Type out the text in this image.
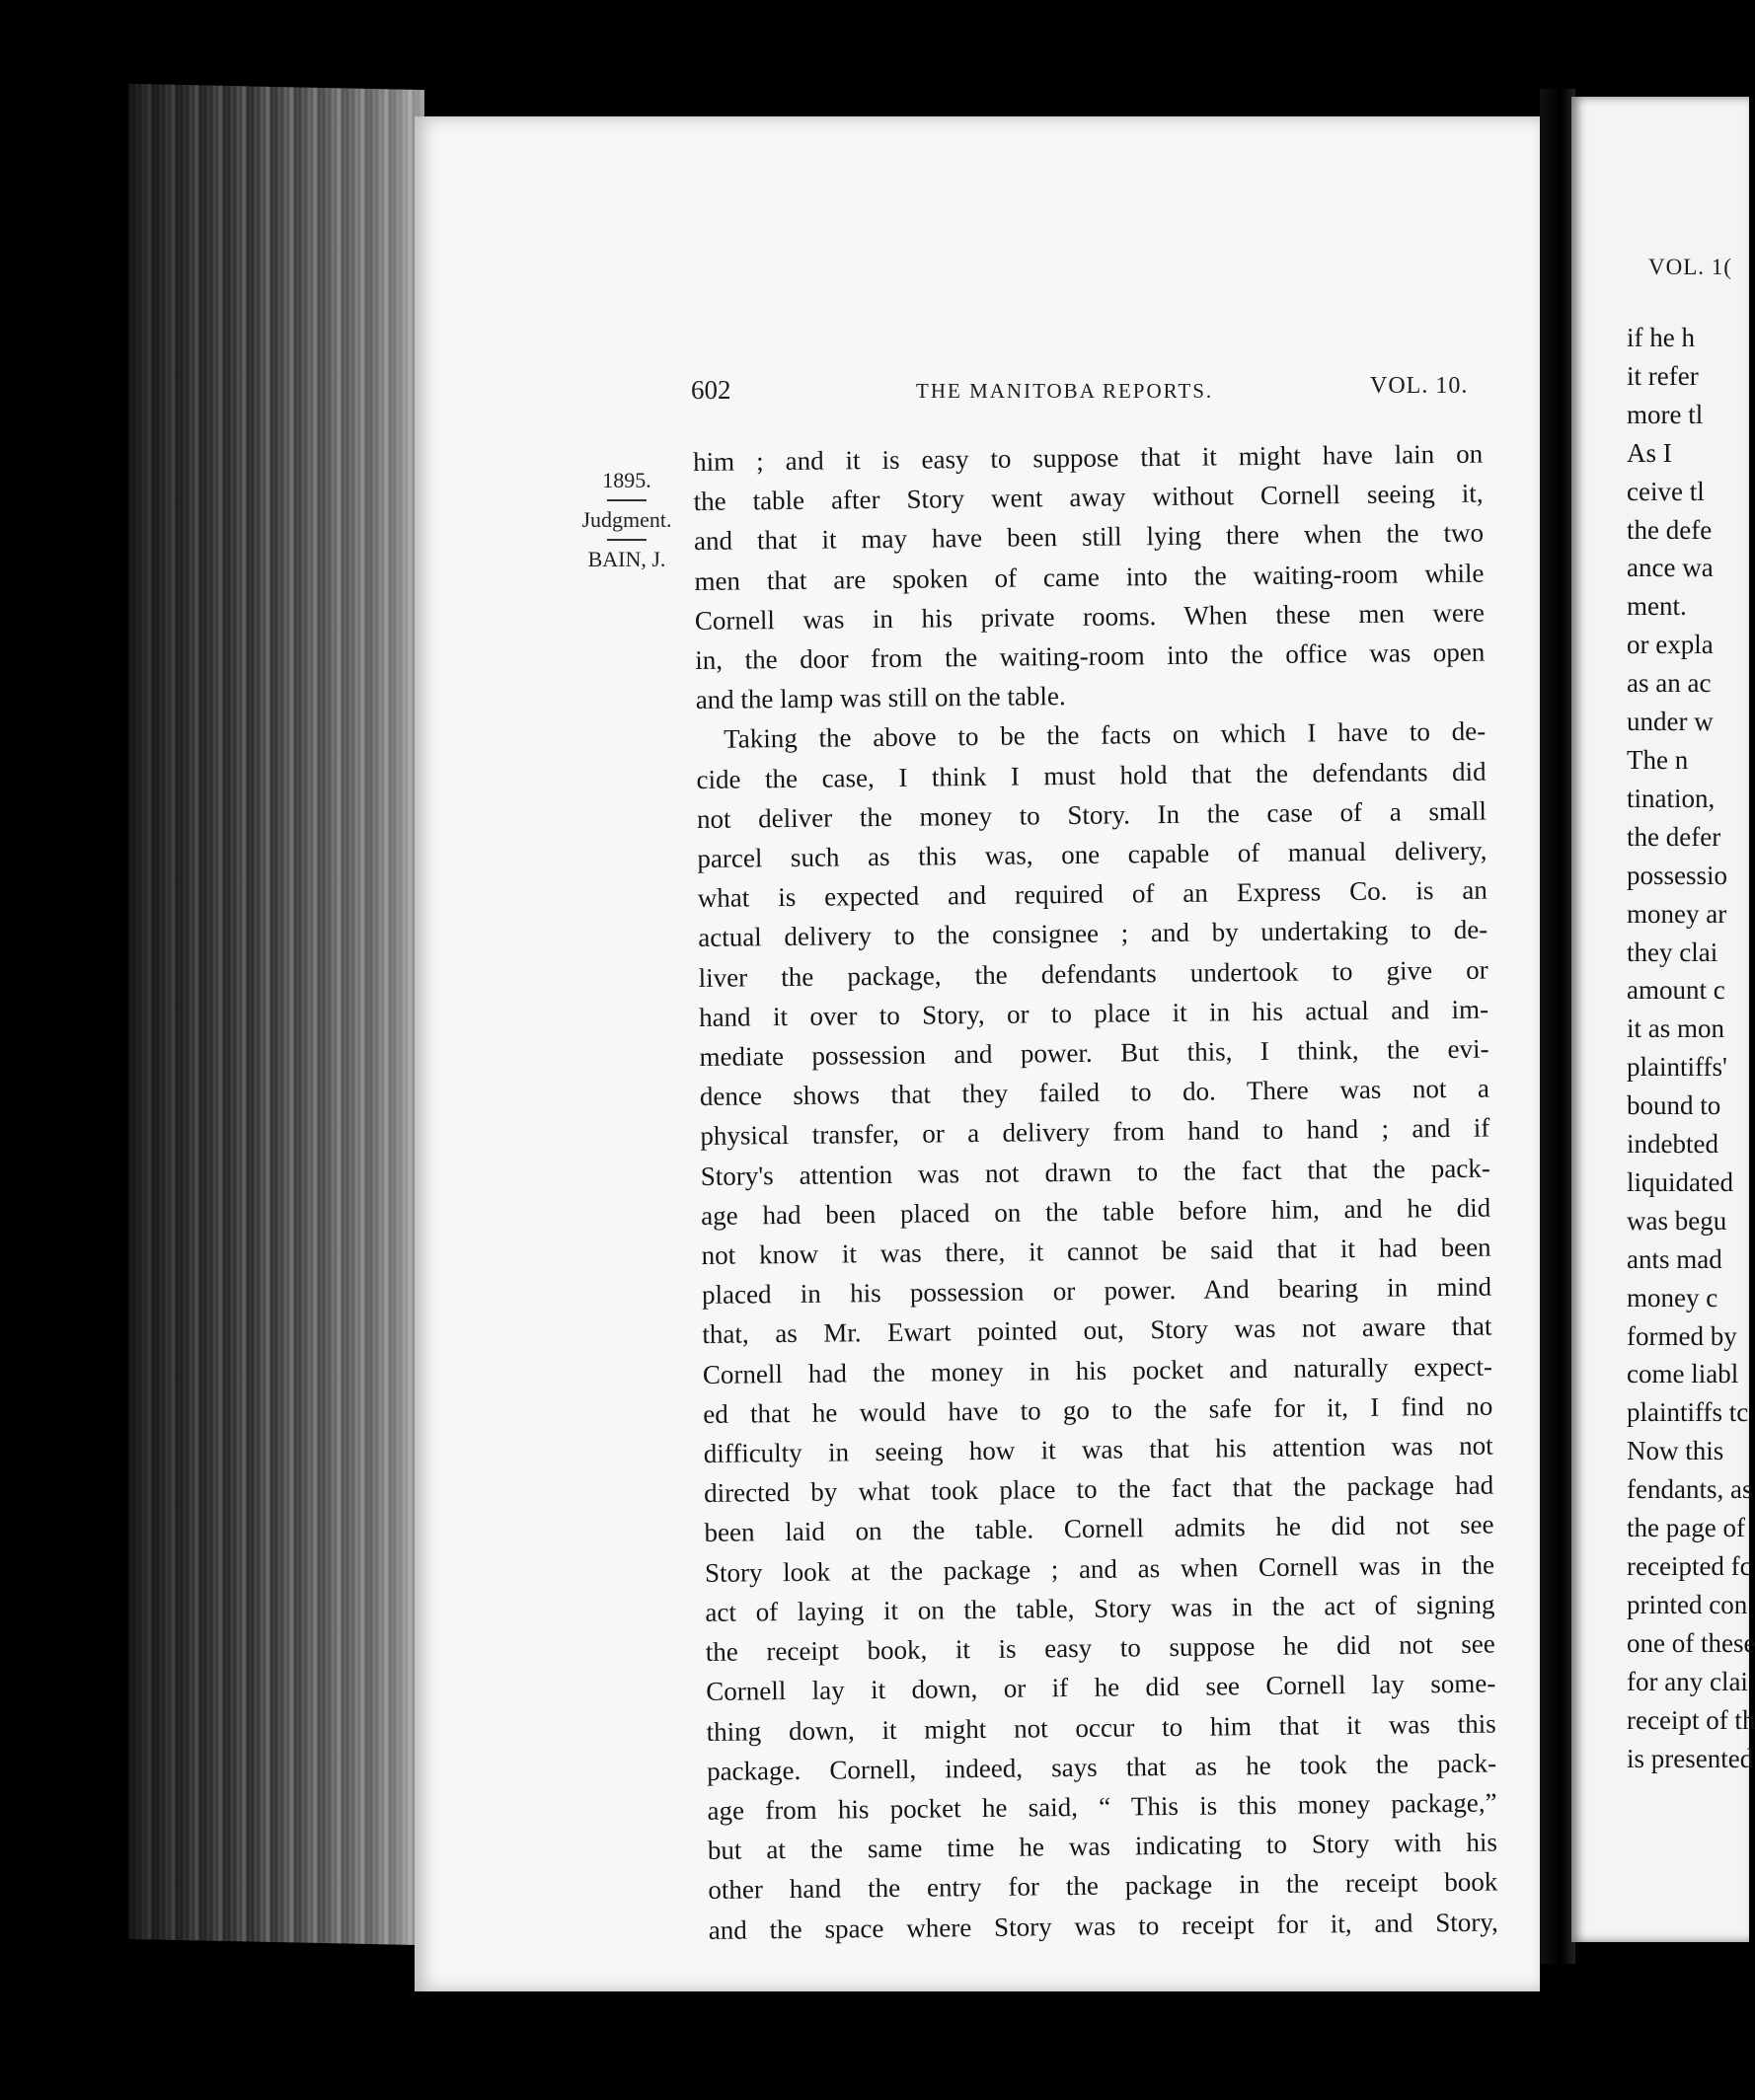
602	THE MANITOBA REPORTS.	VOL. 10.
1895.
Judgment.
BAIN, J.
him ; and it is easy to suppose that it might have lain on
the table after Story went away without Cornell seeing it,
and that it may have been still lying there when the two
men that are spoken of came into the waiting-room while
Cornell was in his private rooms. When these men were
in, the door from the waiting-room into the office was open
and the lamp was still on the table.
Taking the above to be the facts on which I have to de-
cide the case, I think I must hold that the defendants did
not deliver the money to Story. In the case of a small
parcel such as this was, one capable of manual delivery,
what is expected and required of an Express Co. is an
actual delivery to the consignee ; and by undertaking to de-
liver the package, the defendants undertook to give or
hand it over to Story, or to place it in his actual and im-
mediate possession and power. But this, I think, the evi-
dence shows that they failed to do. There was not a
physical transfer, or a delivery from hand to hand ; and if
Story's attention was not drawn to the fact that the pack-
age had been placed on the table before him, and he did
not know it was there, it cannot be said that it had been
placed in his possession or power. And bearing in mind
that, as Mr. Ewart pointed out, Story was not aware that
Cornell had the money in his pocket and naturally expect-
ed that he would have to go to the safe for it, I find no
difficulty in seeing how it was that his attention was not
directed by what took place to the fact that the package had
been laid on the table. Cornell admits he did not see
Story look at the package ; and as when Cornell was in the
act of laying it on the table, Story was in the act of signing
the receipt book, it is easy to suppose he did not see
Cornell lay it down, or if he did see Cornell lay some-
thing down, it might not occur to him that it was this
package. Cornell, indeed, says that as he took the pack-
age from his pocket he said, “ This is this money package,”
but at the same time he was indicating to Story with his
other hand the entry for the package in the receipt book
and the space where Story was to receipt for it, and Story,
VOL. 1(
if he h
it refer
more tl
As I
ceive tl
the defe
ance wa
ment.
or expla
as an ac
under w
The n
tination,
the defer
possessio
money ar
they clai
amount c
it as mon
plaintiffs'
bound to
indebted
liquidated
was begu
ants mad
money c
formed by
come liabl
plaintiffs tc
Now this
fendants, as
the page of
receipted fc
printed con
one of these
for any clai
receipt of th
is presented
